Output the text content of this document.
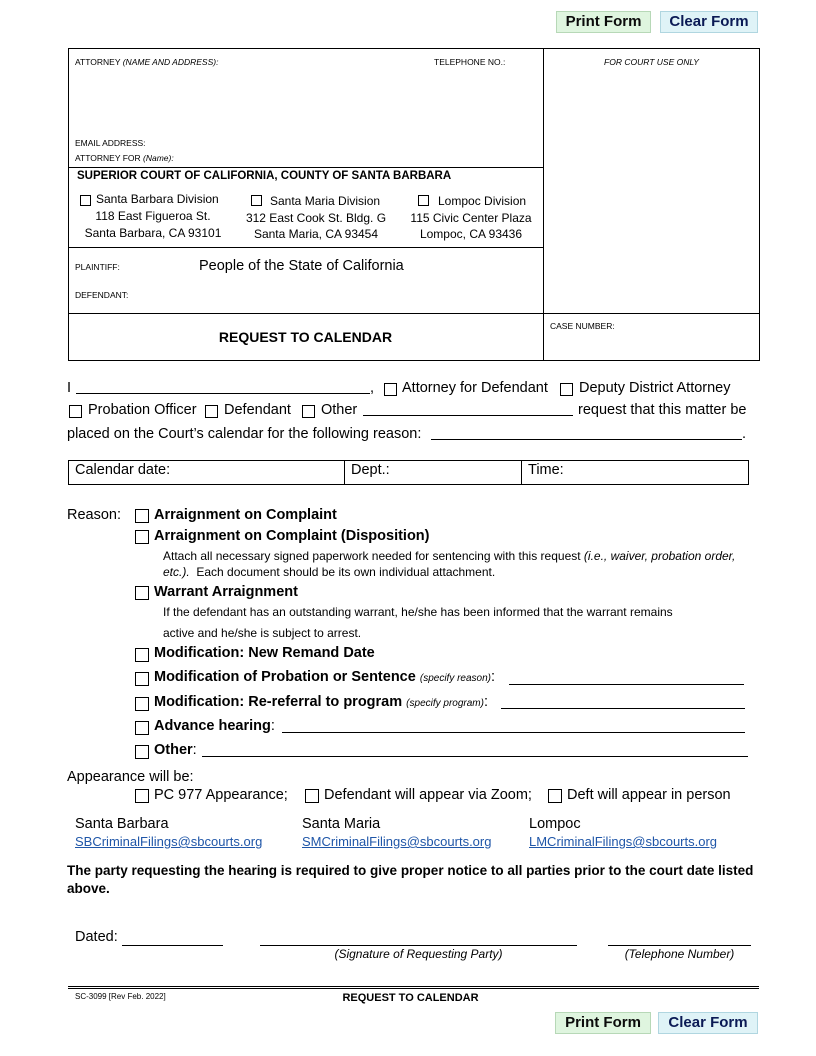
Print Form	Clear Form
ATTORNEY (NAME AND ADDRESS):	TELEPHONE NO.:	FOR COURT USE ONLY
EMAIL ADDRESS:
ATTORNEY FOR (Name):
SUPERIOR COURT OF CALIFORNIA, COUNTY OF SANTA BARBARA
Santa Barbara Division
118 East Figueroa St.
Santa Barbara, CA 93101
Santa Maria Division
312 East Cook St. Bldg. G
Santa Maria, CA 93454
Lompoc Division
115 Civic Center Plaza
Lompoc, CA 93436
PLAINTIFF:	People of the State of California
DEFENDANT:
REQUEST TO CALENDAR
CASE NUMBER:
I	, Attorney for Defendant Deputy District Attorney
Probation Officer Defendant Other	request that this matter be
placed on the Court’s calendar for the following reason:	.
Calendar date:	Dept.:	Time:
Reason: Arraignment on Complaint
Arraignment on Complaint (Disposition)
Attach all necessary signed paperwork needed for sentencing with this request (i.e., waiver, probation order, etc.). Each document should be its own individual attachment.
Warrant Arraignment
If the defendant has an outstanding warrant, he/she has been informed that the warrant remains
active and he/she is subject to arrest.
Modification: New Remand Date
Modification of Probation or Sentence (specify reason):
Modification: Re-referral to program (specify program):
Advance hearing:
Other:
Appearance will be:
PC 977 Appearance; Defendant will appear via Zoom; Deft will appear in person
Santa Barbara
SBCriminalFilings@sbcourts.org
Santa Maria
SMCriminalFilings@sbcourts.org
Lompoc
LMCriminalFilings@sbcourts.org
The party requesting the hearing is required to give proper notice to all parties prior to the court date listed above.
Dated:
(Signature of Requesting Party)	(Telephone Number)
SC-3099 [Rev Feb. 2022]	REQUEST TO CALENDAR
Print Form	Clear Form
